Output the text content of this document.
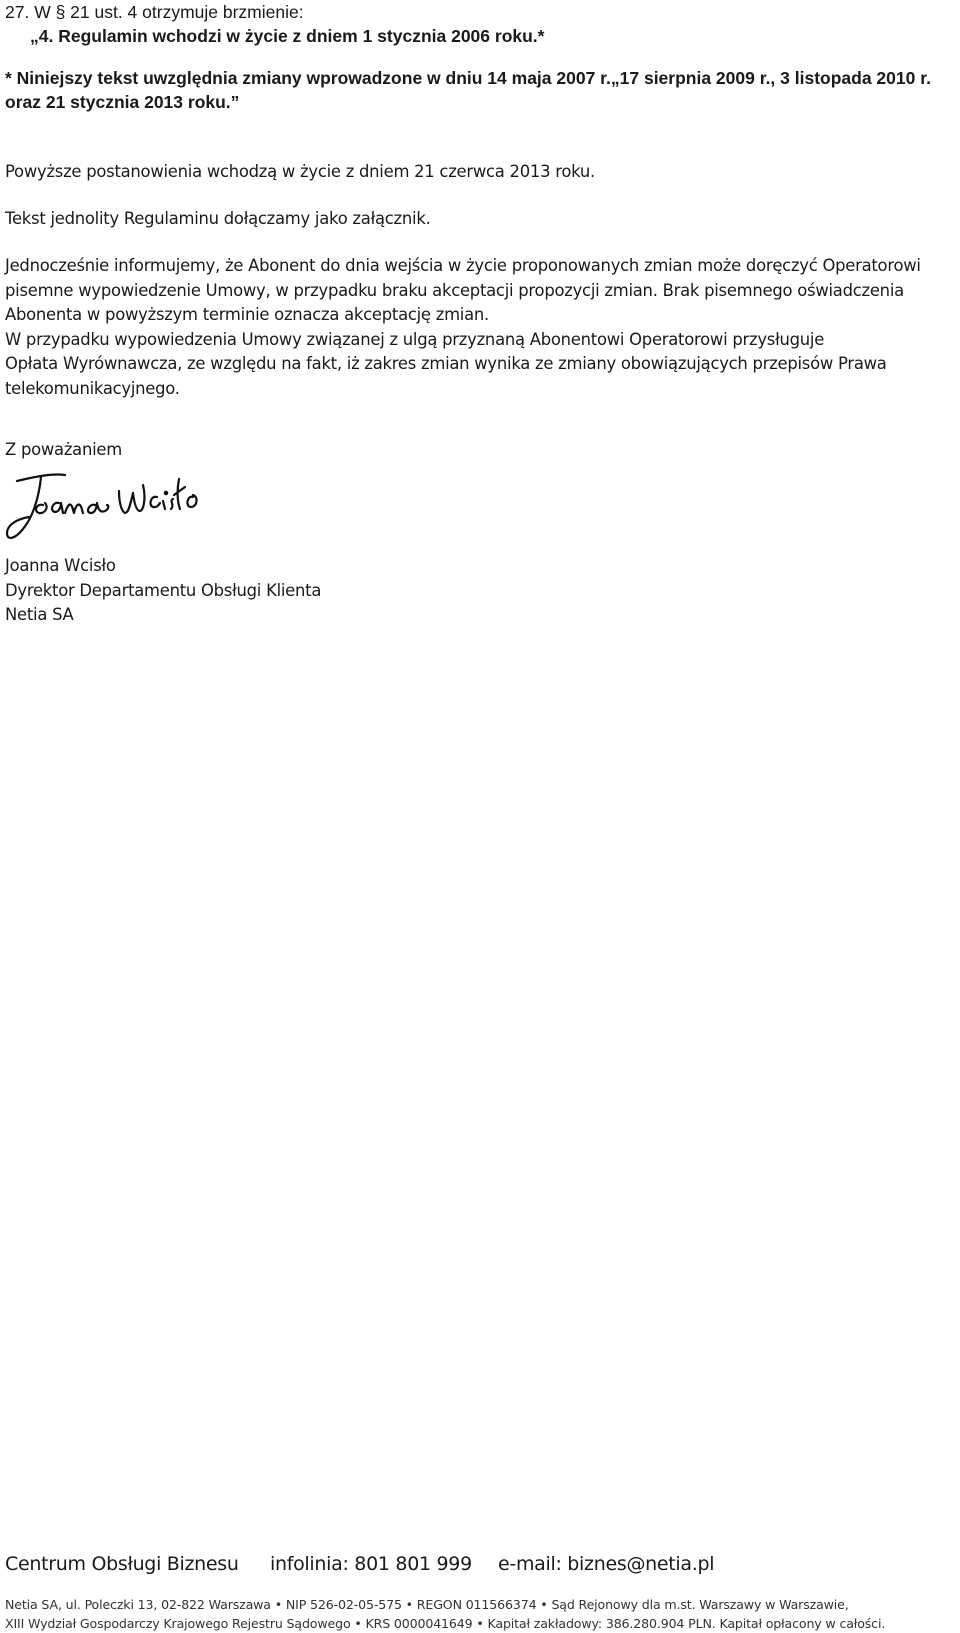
27. W § 21 ust. 4 otrzymuje brzmienie:
„4. Regulamin wchodzi w życie z dniem 1 stycznia 2006 roku.*
* Niniejszy tekst uwzględnia zmiany wprowadzone w dniu 14 maja 2007 r.„17 sierpnia 2009 r., 3 listopada 2010 r.
oraz 21 stycznia 2013 roku.”

Powyższe postanowienia wchodzą w życie z dniem 21 czerwca 2013 roku.

Tekst jednolity Regulaminu dołączamy jako załącznik.

Jednocześnie informujemy, że Abonent do dnia wejścia w życie proponowanych zmian może doręczyć Operatorowi
pisemne wypowiedzenie Umowy, w przypadku braku akceptacji propozycji zmian. Brak pisemnego oświadczenia
Abonenta w powyższym terminie oznacza akceptację zmian.
W przypadku wypowiedzenia Umowy związanej z ulgą przyznaną Abonentowi Operatorowi przysługuje
Opłata Wyrównawcza, ze względu na fakt, iż zakres zmian wynika ze zmiany obowiązujących przepisów Prawa
telekomunikacyjnego.

Z poważaniem

Joanna Wcisło
Dyrektor Departamentu Obsługi Klienta
Netia SA
Centrum Obsługi Biznesu infolinia: 801 801 999 e-mail: biznes@netia.pl
Netia SA, ul. Poleczki 13, 02-822 Warszawa • NIP 526-02-05-575 • REGON 011566374 • Sąd Rejonowy dla m.st. Warszawy w Warszawie,
XIII Wydział Gospodarczy Krajowego Rejestru Sądowego • KRS 0000041649 • Kapitał zakładowy: 386.280.904 PLN. Kapitał opłacony w całości.
